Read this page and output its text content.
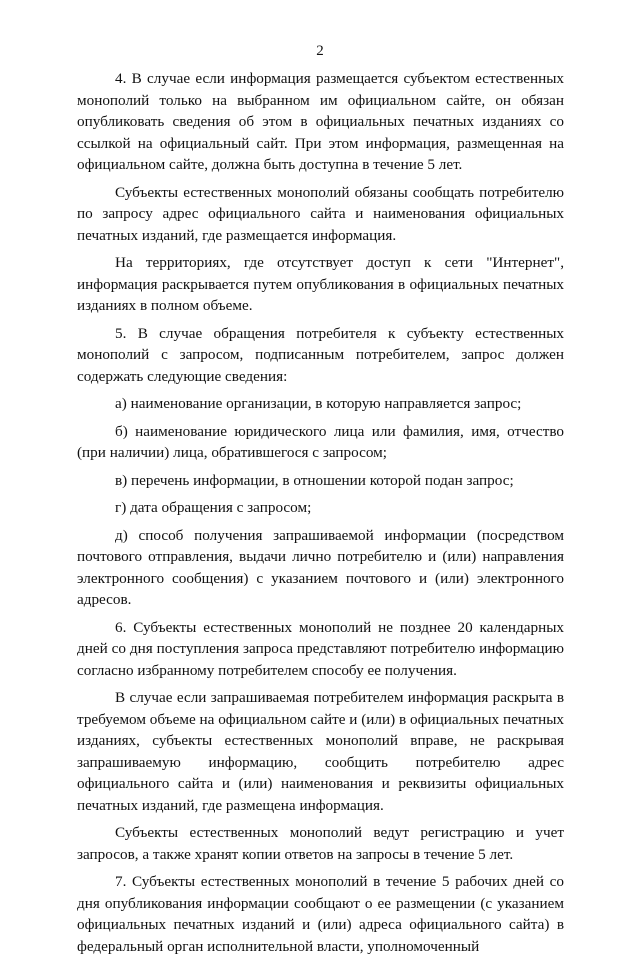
2

4. В случае если информация размещается субъектом естественных монополий только на выбранном им официальном сайте, он обязан опубликовать сведения об этом в официальных печатных изданиях со ссылкой на официальный сайт. При этом информация, размещенная на официальном сайте, должна быть доступна в течение 5 лет.

Субъекты естественных монополий обязаны сообщать потребителю по запросу адрес официального сайта и наименования официальных печатных изданий, где размещается информация.

На территориях, где отсутствует доступ к сети "Интернет", информация раскрывается путем опубликования в официальных печатных изданиях в полном объеме.

5. В случае обращения потребителя к субъекту естественных монополий с запросом, подписанным потребителем, запрос должен содержать следующие сведения:

а) наименование организации, в которую направляется запрос;

б) наименование юридического лица или фамилия, имя, отчество (при наличии) лица, обратившегося с запросом;

в) перечень информации, в отношении которой подан запрос;

г) дата обращения с запросом;

д) способ получения запрашиваемой информации (посредством почтового отправления, выдачи лично потребителю и (или) направления электронного сообщения) с указанием почтового и (или) электронного адресов.

6. Субъекты естественных монополий не позднее 20 календарных дней со дня поступления запроса представляют потребителю информацию согласно избранному потребителем способу ее получения.

В случае если запрашиваемая потребителем информация раскрыта в требуемом объеме на официальном сайте и (или) в официальных печатных изданиях, субъекты естественных монополий вправе, не раскрывая запрашиваемую информацию, сообщить потребителю адрес официального сайта и (или) наименования и реквизиты официальных печатных изданий, где размещена информация.

Субъекты естественных монополий ведут регистрацию и учет запросов, а также хранят копии ответов на запросы в течение 5 лет.

7. Субъекты естественных монополий в течение 5 рабочих дней со дня опубликования информации сообщают о ее размещении (с указанием официальных печатных изданий и (или) адреса официального сайта) в федеральный орган исполнительной власти, уполномоченный
